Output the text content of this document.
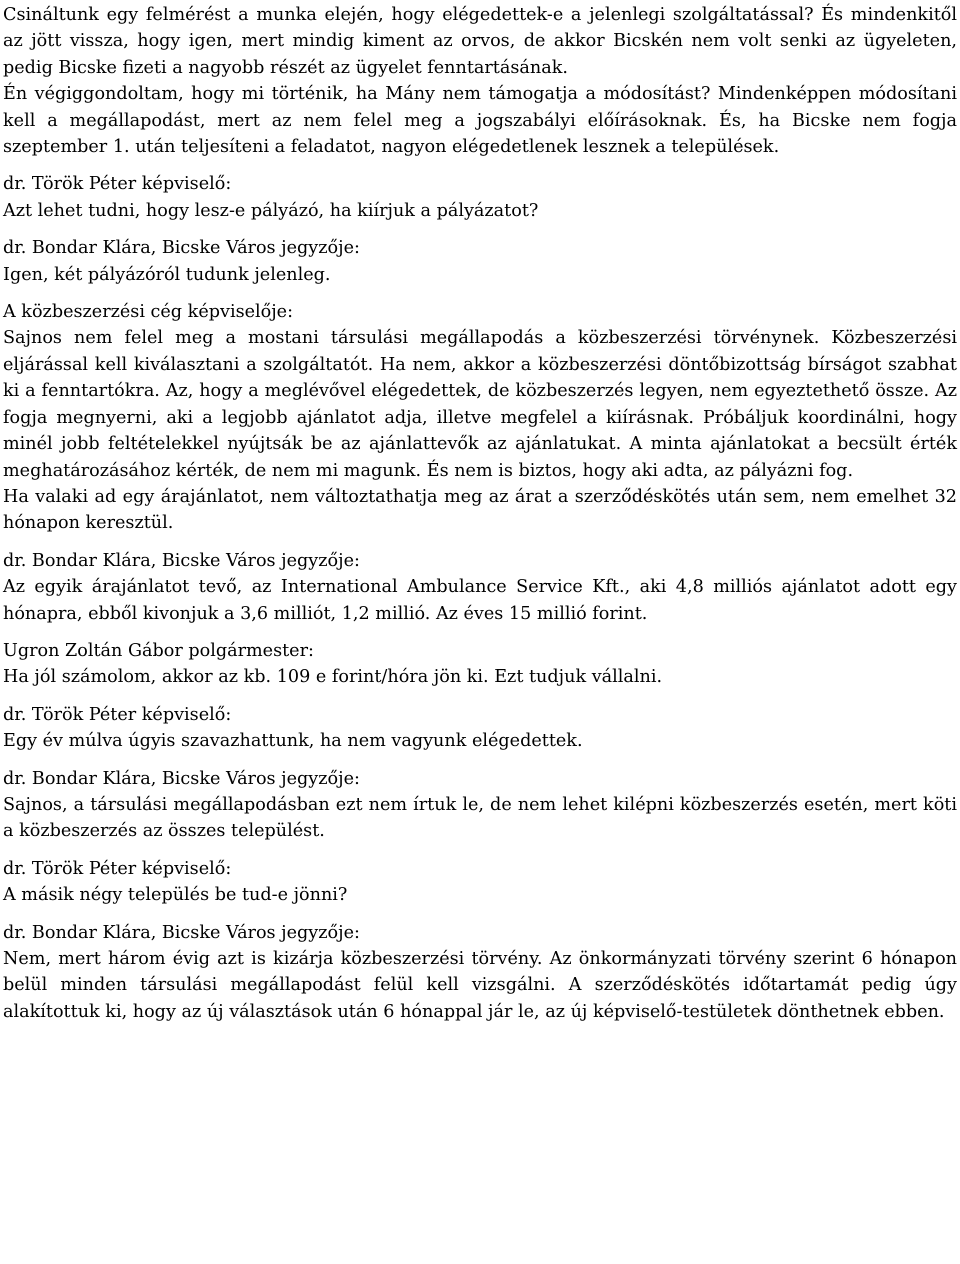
Csináltunk egy felmérést a munka elején, hogy elégedettek-e a jelenlegi szolgáltatással? És mindenkitől az jött vissza, hogy igen, mert mindig kiment az orvos, de akkor Bicskén nem volt senki az ügyeleten, pedig Bicske fizeti a nagyobb részét az ügyelet fenntartásának.

Én végiggondoltam, hogy mi történik, ha Mány nem támogatja a módosítást? Mindenképpen módosítani kell a megállapodást, mert az nem felel meg a jogszabályi előírásoknak. És, ha Bicske nem fogja szeptember 1. után teljesíteni a feladatot, nagyon elégedetlenek lesznek a települések.

dr. Török Péter képviselő:

Azt lehet tudni, hogy lesz-e pályázó, ha kiírjuk a pályázatot?

dr. Bondar Klára, Bicske Város jegyzője:

Igen, két pályázóról tudunk jelenleg.

A közbeszerzési cég képviselője:

Sajnos nem felel meg a mostani társulási megállapodás a közbeszerzési törvénynek. Közbeszerzési eljárással kell kiválasztani a szolgáltatót. Ha nem, akkor a közbeszerzési döntőbizottság bírságot szabhat ki a fenntartókra. Az, hogy a meglévővel elégedettek, de közbeszerzés legyen, nem egyeztethető össze. Az fogja megnyerni, aki a legjobb ajánlatot adja, illetve megfelel a kiírásnak. Próbáljuk koordinálni, hogy minél jobb feltételekkel nyújtsák be az ajánlattevők az ajánlatukat. A minta ajánlatokat a becsült érték meghatározásához kérték, de nem mi magunk. És nem is biztos, hogy aki adta, az pályázni fog.

Ha valaki ad egy árajánlatot, nem változtathatja meg az árat a szerződéskötés után sem, nem emelhet 32 hónapon keresztül.

dr. Bondar Klára, Bicske Város jegyzője:

Az egyik árajánlatot tevő, az International Ambulance Service Kft., aki 4,8 milliós ajánlatot adott egy hónapra, ebből kivonjuk a 3,6 milliót, 1,2 millió. Az éves 15 millió forint.

Ugron Zoltán Gábor polgármester:

Ha jól számolom, akkor az kb. 109 e forint/hóra jön ki. Ezt tudjuk vállalni.

dr. Török Péter képviselő:

Egy év múlva úgyis szavazhattunk, ha nem vagyunk elégedettek.

dr. Bondar Klára, Bicske Város jegyzője:

Sajnos, a társulási megállapodásban ezt nem írtuk le, de nem lehet kilépni közbeszerzés esetén, mert köti a közbeszerzés az összes települést.

dr. Török Péter képviselő:

A másik négy település be tud-e jönni?

dr. Bondar Klára, Bicske Város jegyzője:

Nem, mert három évig azt is kizárja közbeszerzési törvény. Az önkormányzati törvény szerint 6 hónapon belül minden társulási megállapodást felül kell vizsgálni. A szerződéskötés időtartamát pedig úgy alakítottuk ki, hogy az új választások után 6 hónappal jár le, az új képviselő-testületek dönthetnek ebben.
